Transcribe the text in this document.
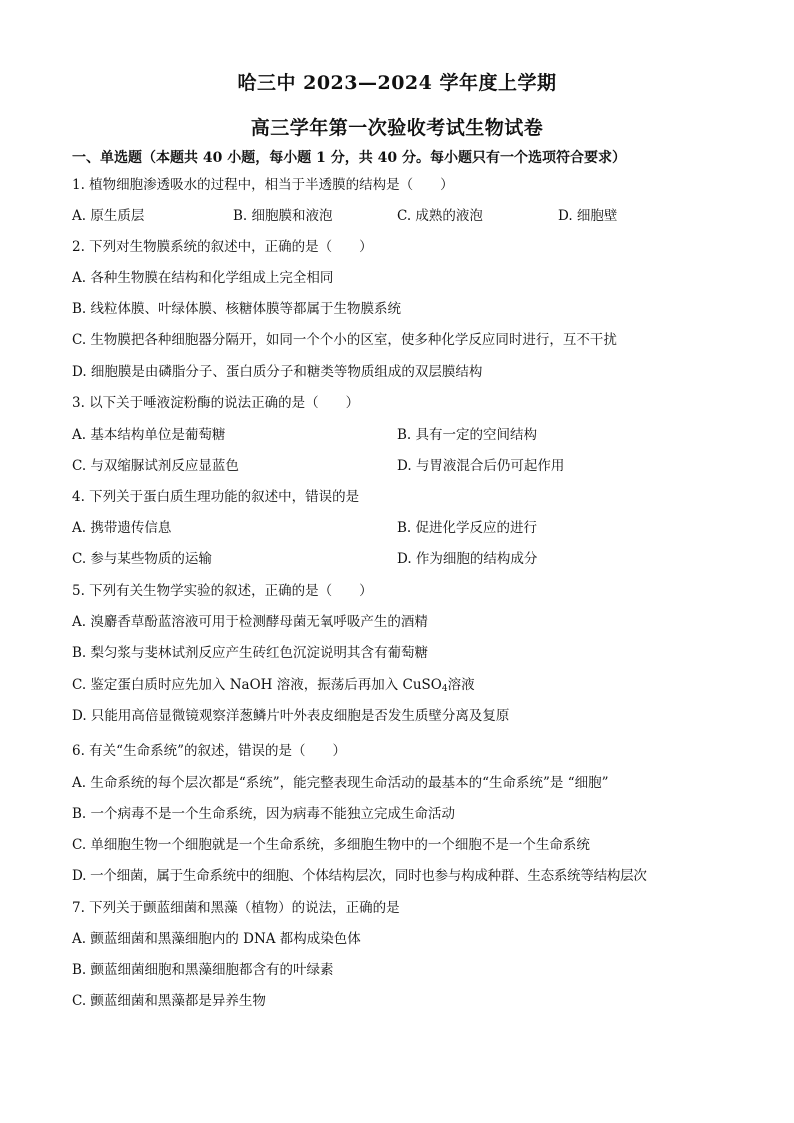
哈三中 2023—2024 学年度上学期
高三学年第一次验收考试生物试卷
一、单选题（本题共 40 小题，每小题 1 分，共 40 分。每小题只有一个选项符合要求）
1. 植物细胞渗透吸水的过程中，相当于半透膜的结构是（　　）
A. 原生质层	B. 细胞膜和液泡	C. 成熟的液泡	D. 细胞壁
2. 下列对生物膜系统的叙述中，正确的是（　　）
A. 各种生物膜在结构和化学组成上完全相同
B. 线粒体膜、叶绿体膜、核糖体膜等都属于生物膜系统
C. 生物膜把各种细胞器分隔开，如同一个个小的区室，使多种化学反应同时进行，互不干扰
D. 细胞膜是由磷脂分子、蛋白质分子和糖类等物质组成的双层膜结构
3. 以下关于唾液淀粉酶的说法正确的是（　　）
A. 基本结构单位是葡萄糖	B. 具有一定的空间结构
C. 与双缩脲试剂反应显蓝色	D. 与胃液混合后仍可起作用
4. 下列关于蛋白质生理功能的叙述中，错误的是
A. 携带遗传信息	B. 促进化学反应的进行
C. 参与某些物质的运输	D. 作为细胞的结构成分
5. 下列有关生物学实验的叙述，正确的是（　　）
A. 溴麝香草酚蓝溶液可用于检测酵母菌无氧呼吸产生的酒精
B. 梨匀浆与斐林试剂反应产生砖红色沉淀说明其含有葡萄糖
C. 鉴定蛋白质时应先加入 NaOH 溶液，振荡后再加入 CuSO$_4$溶液
D. 只能用高倍显微镜观察洋葱鳞片叶外表皮细胞是否发生质壁分离及复原
6. 有关“生命系统”的叙述，错误的是（　　）
A. 生命系统的每个层次都是“系统”，能完整表现生命活动的最基本的“生命系统”是 “细胞”
B. 一个病毒不是一个生命系统，因为病毒不能独立完成生命活动
C. 单细胞生物一个细胞就是一个生命系统，多细胞生物中的一个细胞不是一个生命系统
D. 一个细菌，属于生命系统中的细胞、个体结构层次，同时也参与构成种群、生态系统等结构层次
7. 下列关于颤蓝细菌和黑藻（植物）的说法，正确的是
A. 颤蓝细菌和黑藻细胞内的 DNA 都构成染色体
B. 颤蓝细菌细胞和黑藻细胞都含有的叶绿素
C. 颤蓝细菌和黑藻都是异养生物
